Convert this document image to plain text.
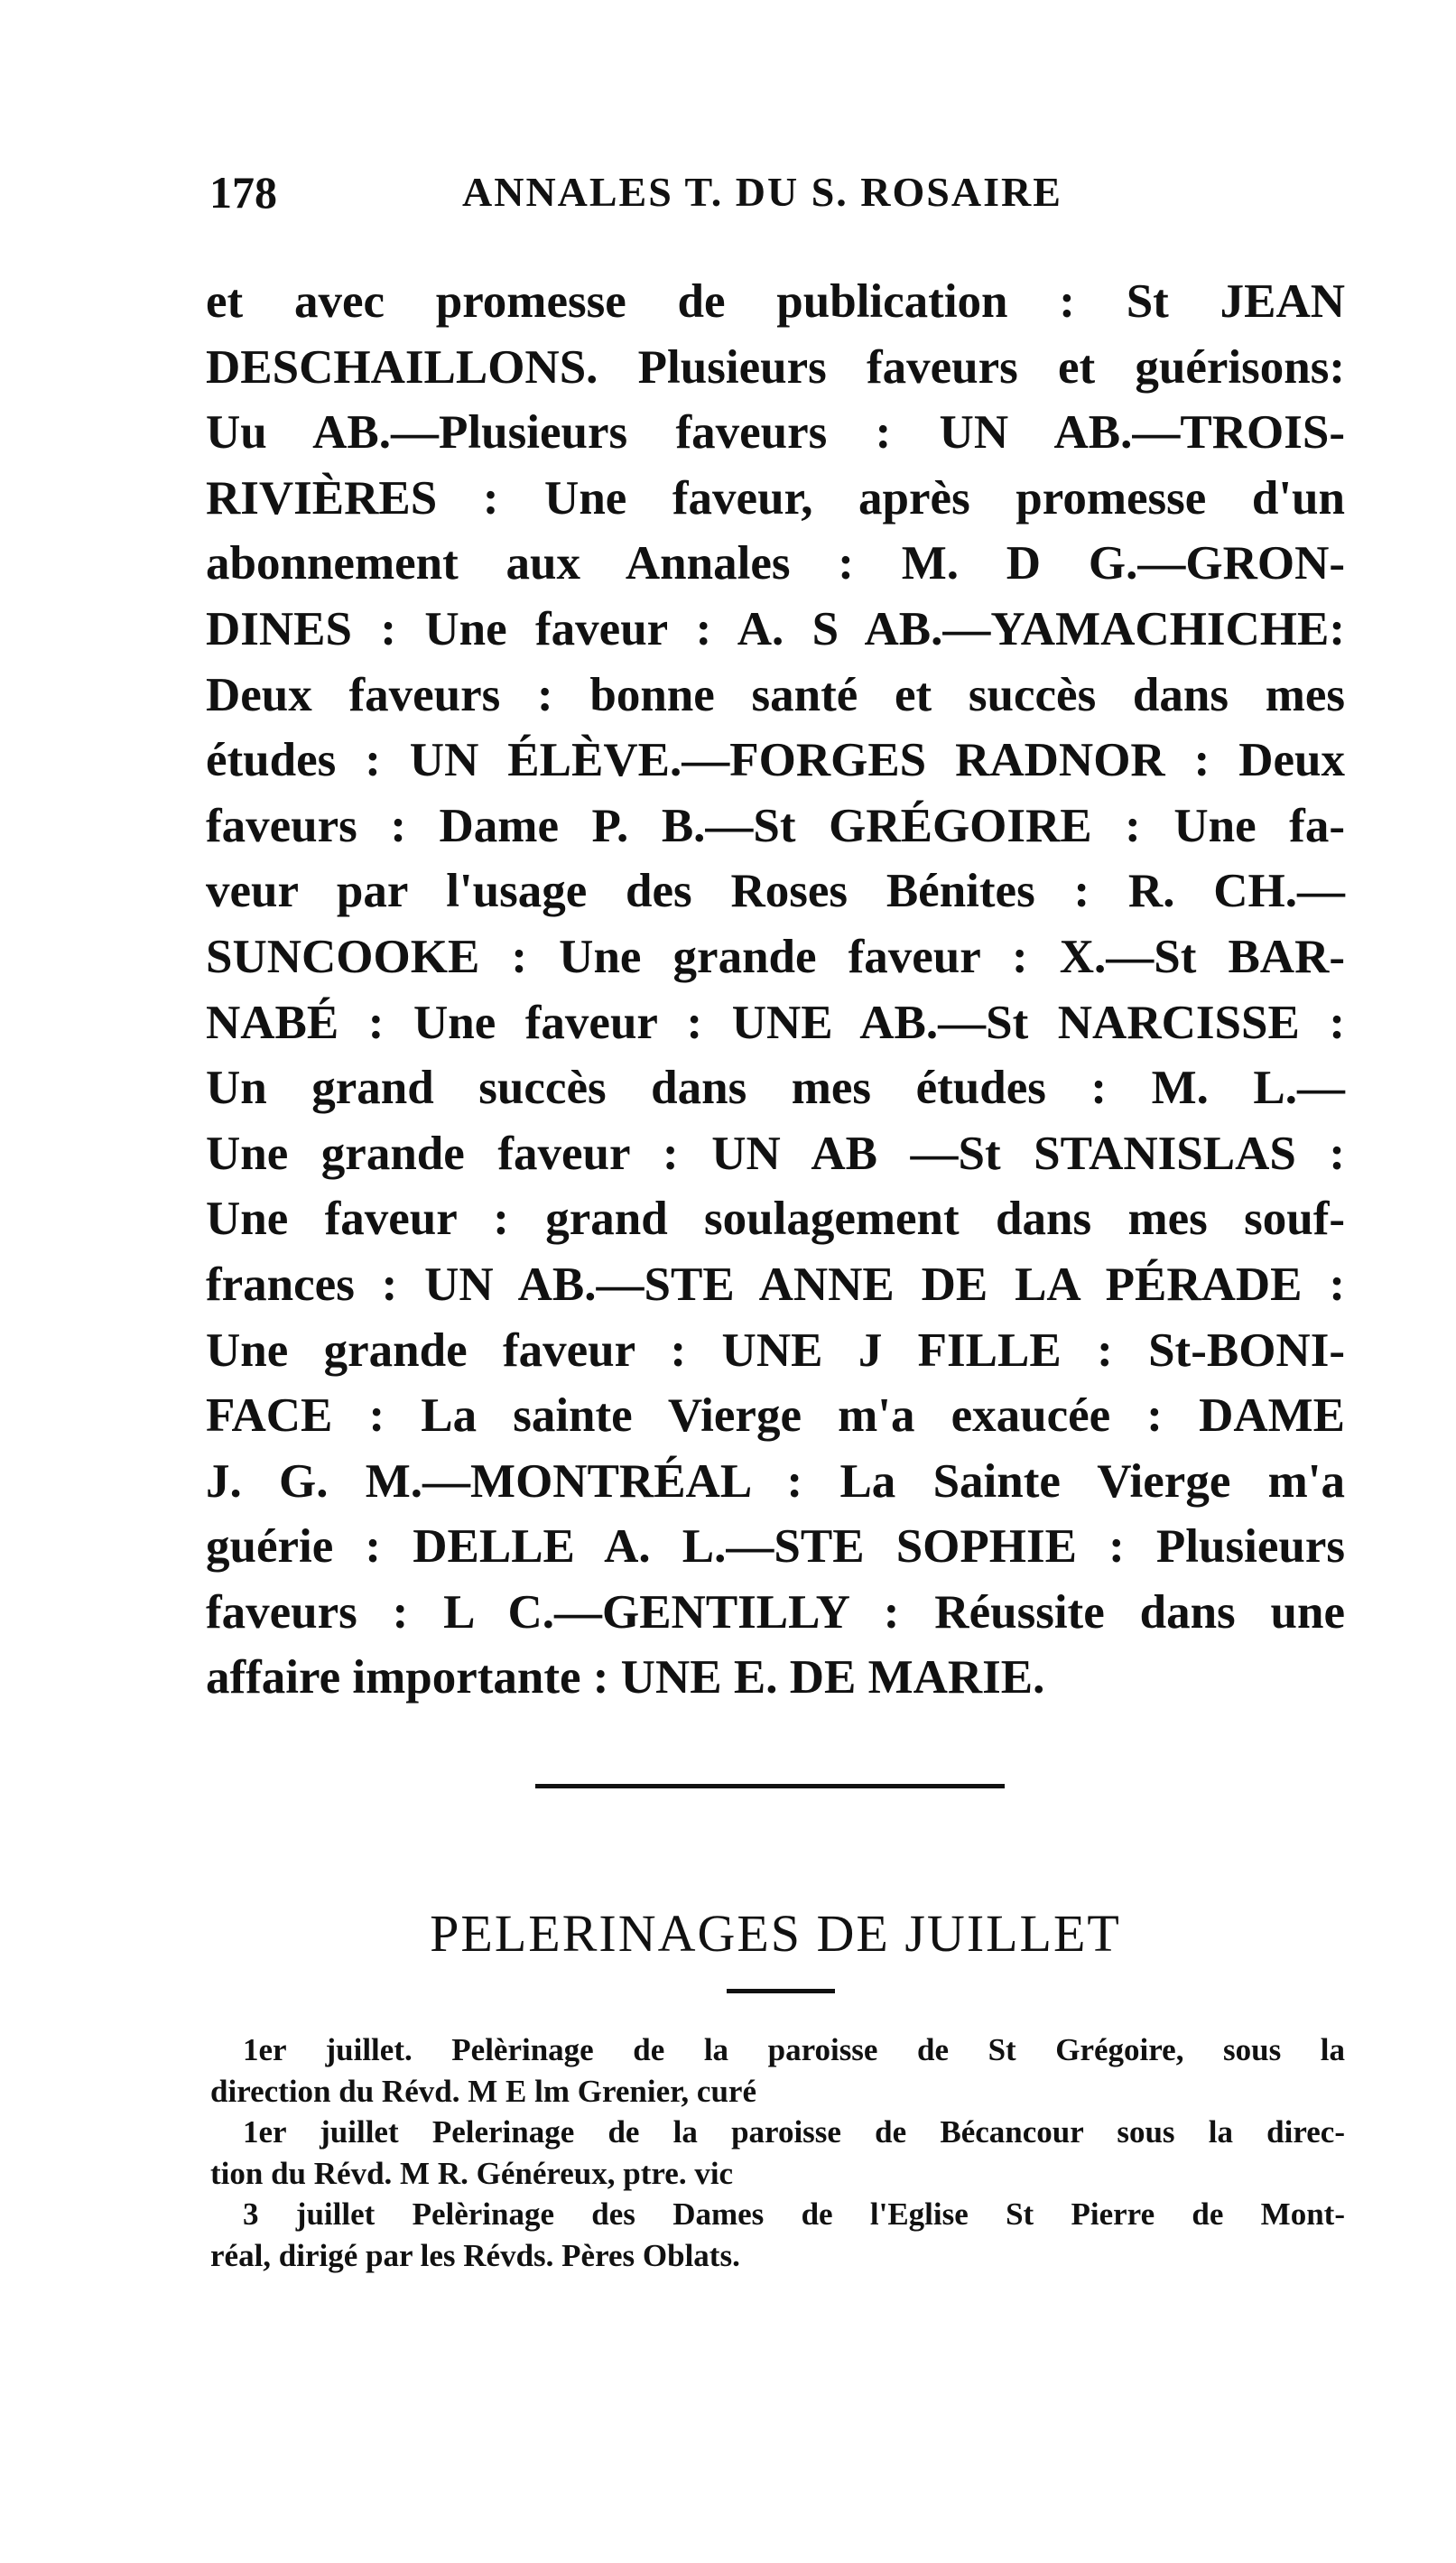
178	ANNALES T. DU S. ROSAIRE
et avec promesse de publication : St JEAN
DESCHAILLONS. Plusieurs faveurs et guérisons:
Uu AB.—Plusieurs faveurs : UN AB.—TROIS-
RIVIÈRES : Une faveur, après promesse d'un
abonnement aux Annales : M. D G.—GRON-
DINES : Une faveur : A. S AB.—YAMACHICHE:
Deux faveurs : bonne santé et succès dans mes
études : UN ÉLÈVE.—FORGES RADNOR : Deux
faveurs : Dame P. B.—St GRÉGOIRE : Une fa-
veur par l'usage des Roses Bénites : R. CH.—
SUNCOOKE : Une grande faveur : X.—St BAR-
NABÉ : Une faveur : UNE AB.—St NARCISSE :
Un grand succès dans mes études : M. L.—
Une grande faveur : UN AB —St STANISLAS :
Une faveur : grand soulagement dans mes souf-
frances : UN AB.—STE ANNE DE LA PÉRADE :
Une grande faveur : UNE J FILLE : St-BONI-
FACE : La sainte Vierge m'a exaucée : DAME
J. G. M.—MONTRÉAL : La Sainte Vierge m'a
guérie : DELLE A. L.—STE SOPHIE : Plusieurs
faveurs : L C.—GENTILLY : Réussite dans une
affaire importante : UNE E. DE MARIE.
PELERINAGES DE JUILLET
1er juillet. Pelèrinage de la paroisse de St Grégoire, sous la
direction du Révd. M E lm Grenier, curé
1er juillet Pelerinage de la paroisse de Bécancour sous la direc-
tion du Révd. M R. Généreux, ptre. vic
3 juillet Pelèrinage des Dames de l'Eglise St Pierre de Mont-
réal, dirigé par les Révds. Pères Oblats.
